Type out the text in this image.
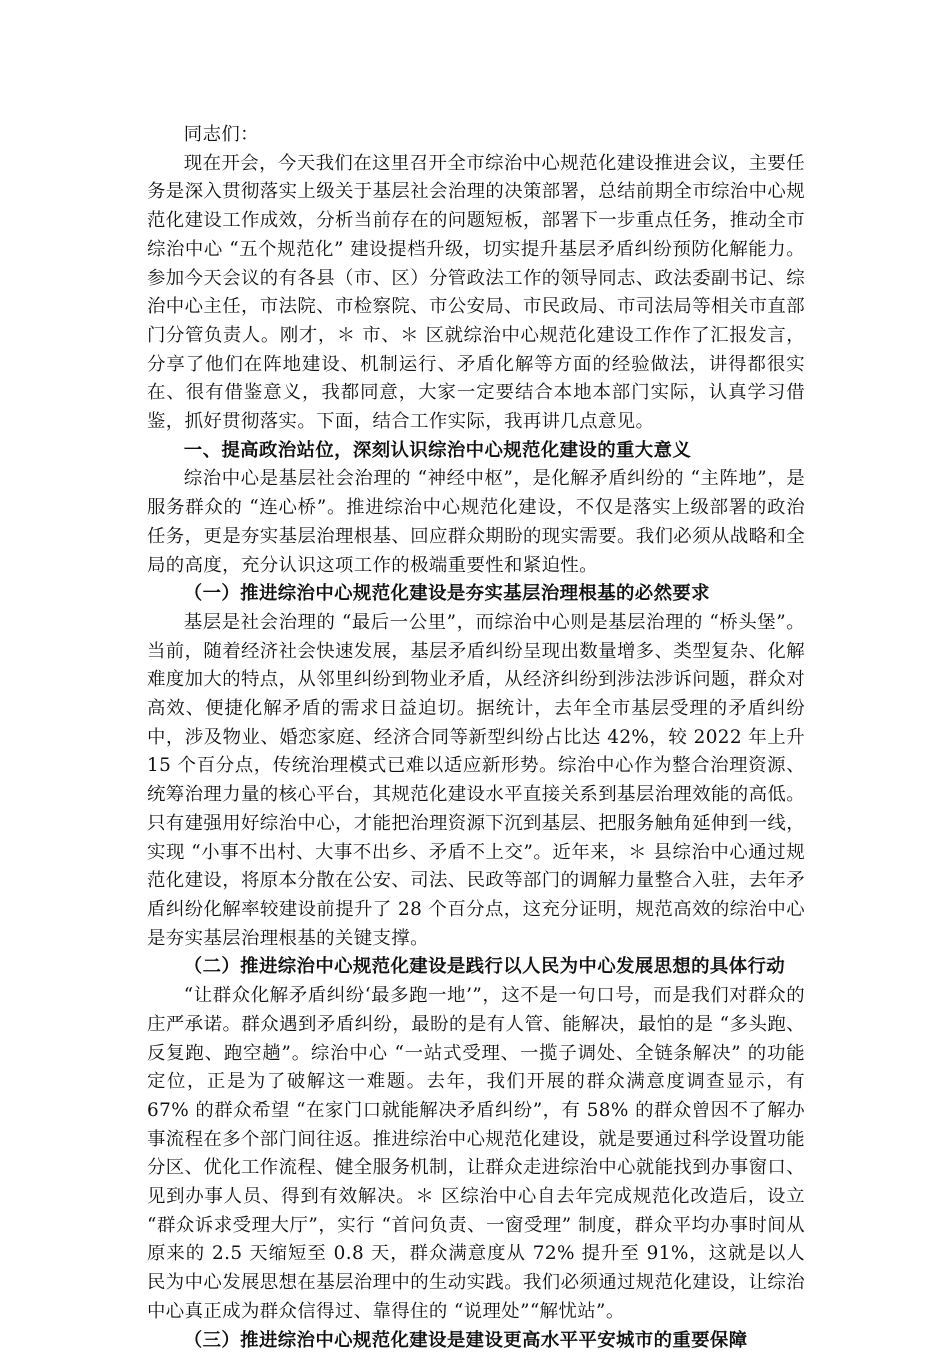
同志们：

现在开会，今天我们在这里召开全市综治中心规范化建设推进会议，主要任务是深入贯彻落实上级关于基层社会治理的决策部署，总结前期全市综治中心规范化建设工作成效，分析当前存在的问题短板，部署下一步重点任务，推动全市综治中心 “五个规范化” 建设提档升级，切实提升基层矛盾纠纷预防化解能力。参加今天会议的有各县（市、区）分管政法工作的领导同志、政法委副书记、综治中心主任，市法院、市检察院、市公安局、市民政局、市司法局等相关市直部门分管负责人。刚才，＊ 市、＊ 区就综治中心规范化建设工作作了汇报发言，分享了他们在阵地建设、机制运行、矛盾化解等方面的经验做法，讲得都很实在、很有借鉴意义，我都同意，大家一定要结合本地本部门实际，认真学习借鉴，抓好贯彻落实。下面，结合工作实际，我再讲几点意见。

一、提高政治站位，深刻认识综治中心规范化建设的重大意义

综治中心是基层社会治理的 “神经中枢”，是化解矛盾纠纷的 “主阵地”，是服务群众的 “连心桥”。推进综治中心规范化建设，不仅是落实上级部署的政治任务，更是夯实基层治理根基、回应群众期盼的现实需要。我们必须从战略和全局的高度，充分认识这项工作的极端重要性和紧迫性。

（一）推进综治中心规范化建设是夯实基层治理根基的必然要求

基层是社会治理的 “最后一公里”，而综治中心则是基层治理的 “桥头堡”。当前，随着经济社会快速发展，基层矛盾纠纷呈现出数量增多、类型复杂、化解难度加大的特点，从邻里纠纷到物业矛盾，从经济纠纷到涉法涉诉问题，群众对高效、便捷化解矛盾的需求日益迫切。据统计，去年全市基层受理的矛盾纠纷中，涉及物业、婚恋家庭、经济合同等新型纠纷占比达 42%，较 2022 年上升 15 个百分点，传统治理模式已难以适应新形势。综治中心作为整合治理资源、统筹治理力量的核心平台，其规范化建设水平直接关系到基层治理效能的高低。只有建强用好综治中心，才能把治理资源下沉到基层、把服务触角延伸到一线，实现 “小事不出村、大事不出乡、矛盾不上交”。近年来，＊ 县综治中心通过规范化建设，将原本分散在公安、司法、民政等部门的调解力量整合入驻，去年矛盾纠纷化解率较建设前提升了 28 个百分点，这充分证明，规范高效的综治中心是夯实基层治理根基的关键支撑。

（二）推进综治中心规范化建设是践行以人民为中心发展思想的具体行动

“让群众化解矛盾纠纷‘最多跑一地’”，这不是一句口号，而是我们对群众的庄严承诺。群众遇到矛盾纠纷，最盼的是有人管、能解决，最怕的是 “多头跑、反复跑、跑空趟”。综治中心 “一站式受理、一揽子调处、全链条解决” 的功能定位，正是为了破解这一难题。去年，我们开展的群众满意度调查显示，有 67% 的群众希望 “在家门口就能解决矛盾纠纷”，有 58% 的群众曾因不了解办事流程在多个部门间往返。推进综治中心规范化建设，就是要通过科学设置功能分区、优化工作流程、健全服务机制，让群众走进综治中心就能找到办事窗口、见到办事人员、得到有效解决。＊ 区综治中心自去年完成规范化改造后，设立 “群众诉求受理大厅”，实行 “首问负责、一窗受理” 制度，群众平均办事时间从原来的 2.5 天缩短至 0.8 天，群众满意度从 72% 提升至 91%，这就是以人民为中心发展思想在基层治理中的生动实践。我们必须通过规范化建设，让综治中心真正成为群众信得过、靠得住的 “说理处”“解忧站”。

（三）推进综治中心规范化建设是建设更高水平平安城市的重要保障
